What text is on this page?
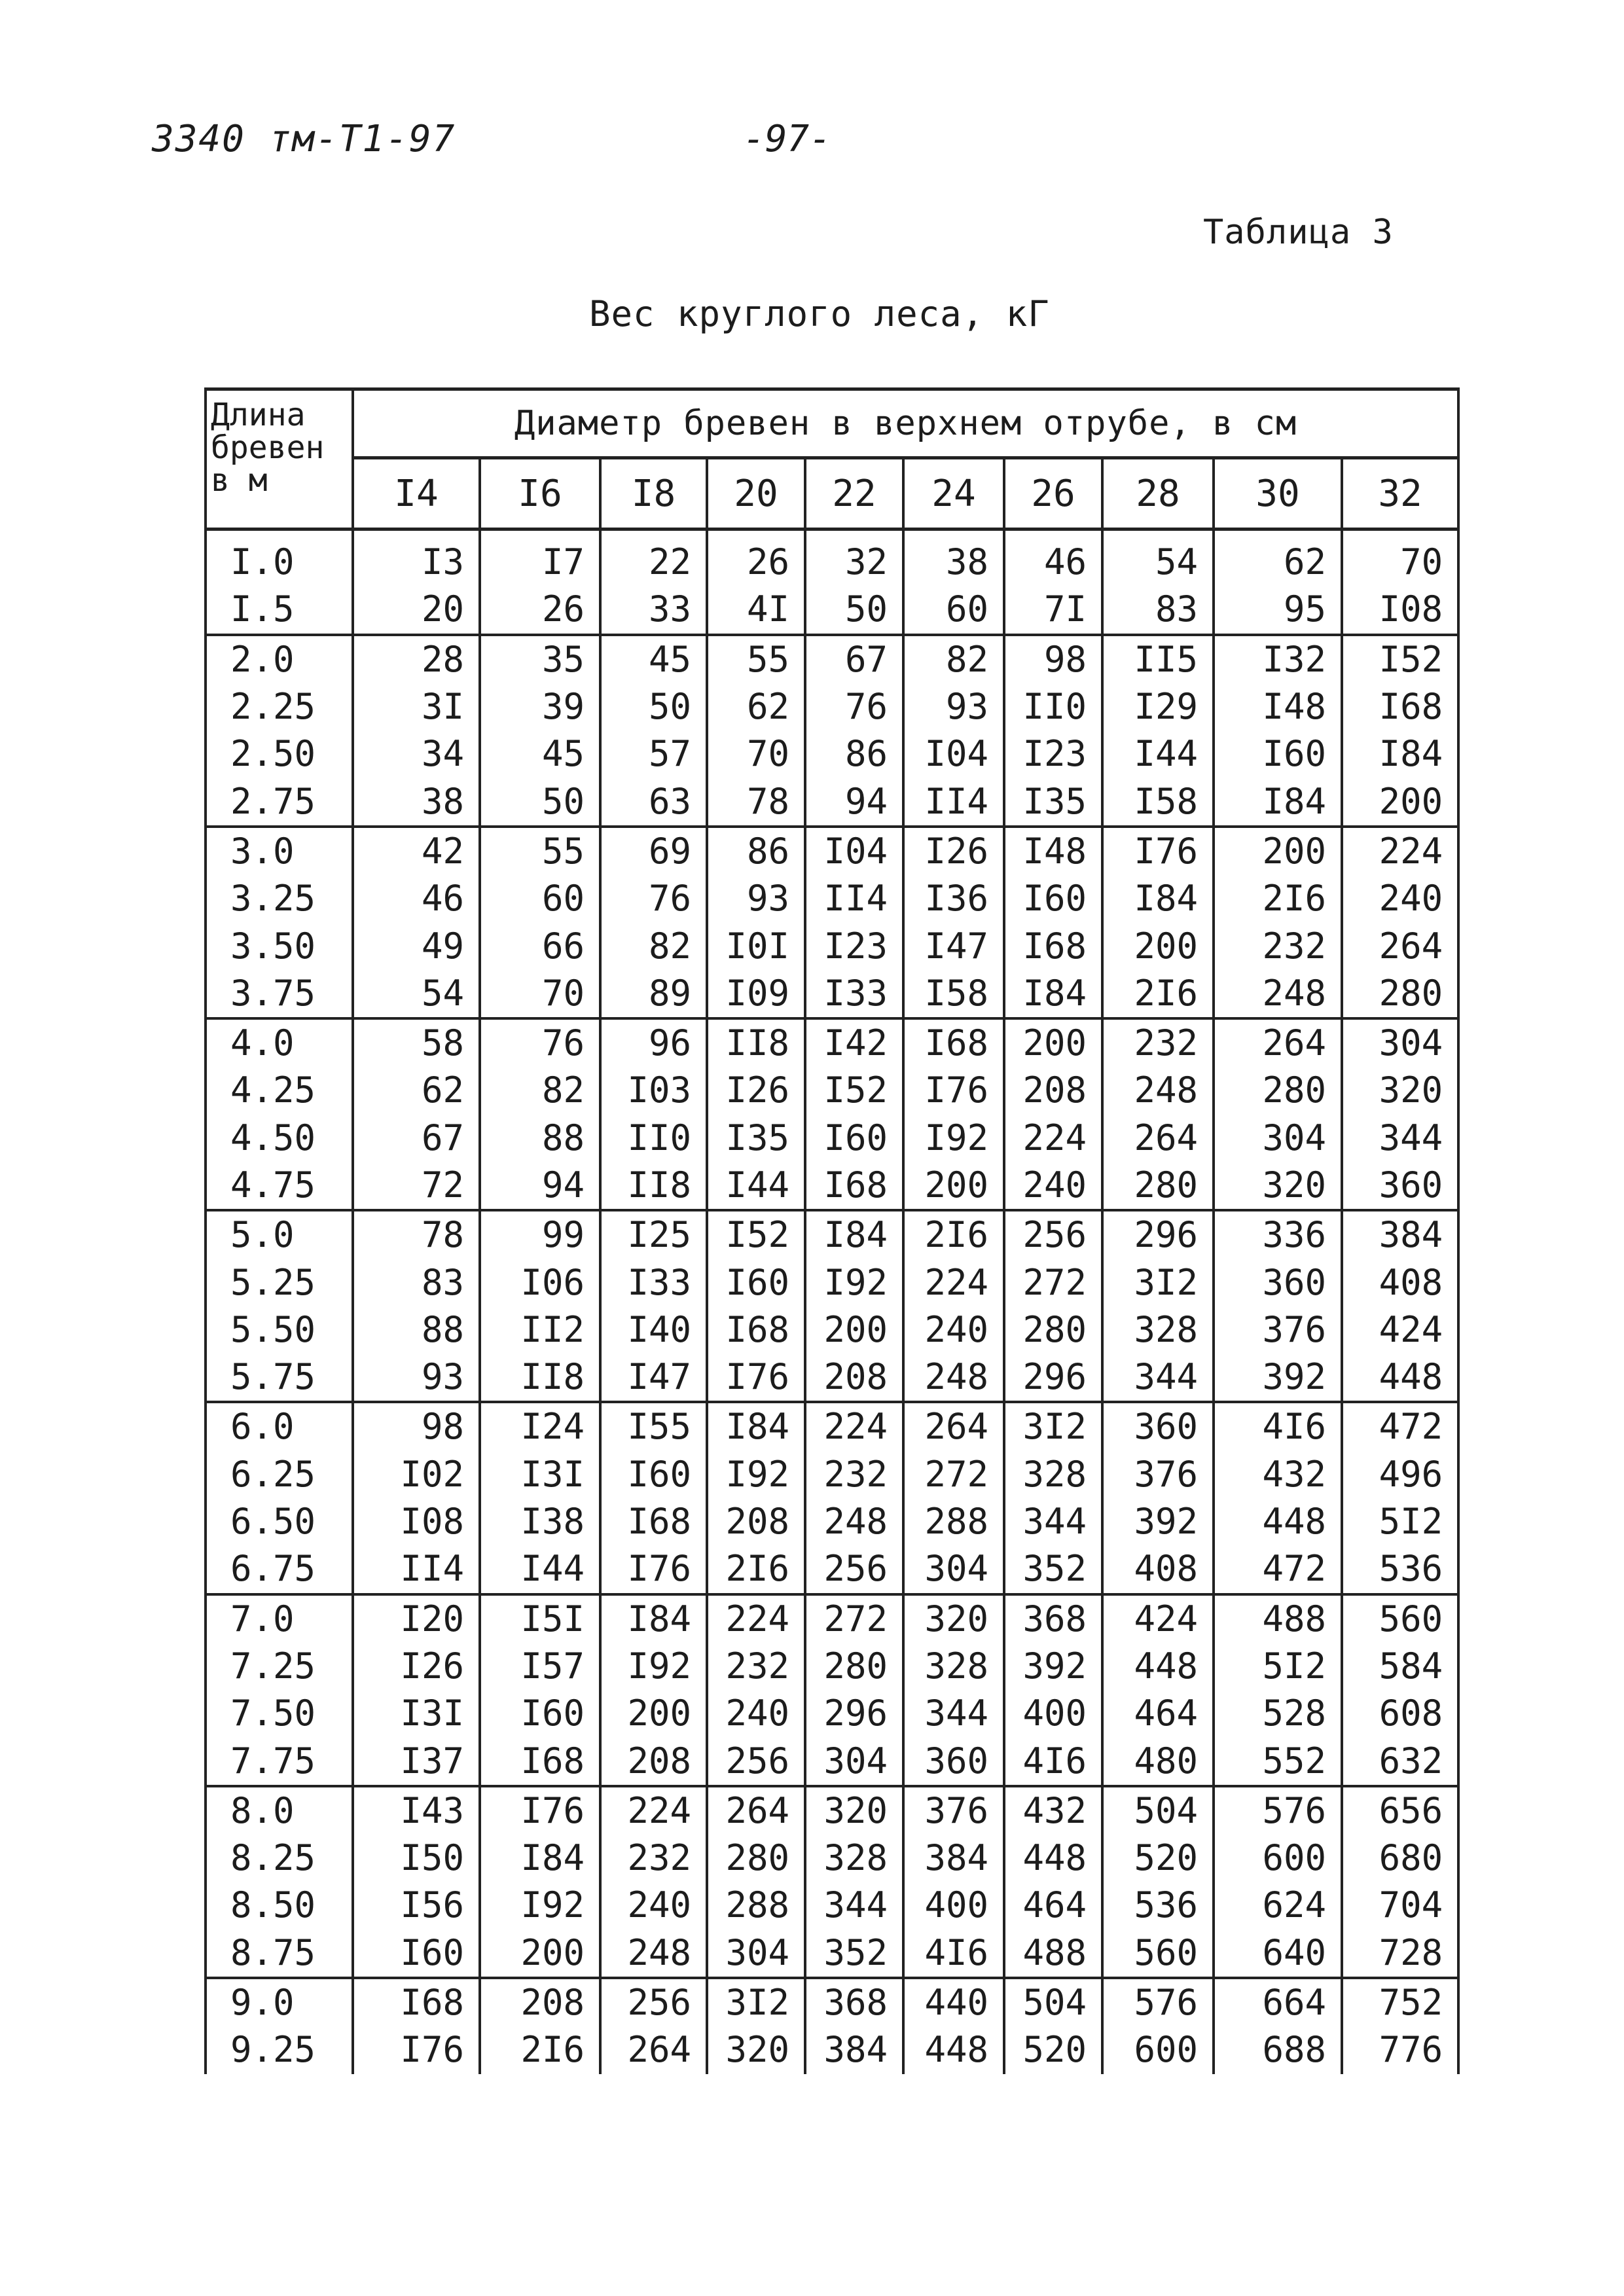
3340 тм-Т1-97	-97-
Таблица 3
Вес круглого леса, кГ
Длина
бревен
в м	Диаметр бревен в верхнем отрубе, в см									
	I4	I6	I8	20	22	24	26	28	30	32
I.0	I3	I7	22	26	32	38	46	54	62	70
I.5	20	26	33	4I	50	60	7I	83	95	I08
2.0	28	35	45	55	67	82	98	II5	I32	I52
2.25	3I	39	50	62	76	93	II0	I29	I48	I68
2.50	34	45	57	70	86	I04	I23	I44	I60	I84
2.75	38	50	63	78	94	II4	I35	I58	I84	200
3.0	42	55	69	86	I04	I26	I48	I76	200	224
3.25	46	60	76	93	II4	I36	I60	I84	2I6	240
3.50	49	66	82	I0I	I23	I47	I68	200	232	264
3.75	54	70	89	I09	I33	I58	I84	2I6	248	280
4.0	58	76	96	II8	I42	I68	200	232	264	304
4.25	62	82	I03	I26	I52	I76	208	248	280	320
4.50	67	88	II0	I35	I60	I92	224	264	304	344
4.75	72	94	II8	I44	I68	200	240	280	320	360
5.0	78	99	I25	I52	I84	2I6	256	296	336	384
5.25	83	I06	I33	I60	I92	224	272	3I2	360	408
5.50	88	II2	I40	I68	200	240	280	328	376	424
5.75	93	II8	I47	I76	208	248	296	344	392	448
6.0	98	I24	I55	I84	224	264	3I2	360	4I6	472
6.25	I02	I3I	I60	I92	232	272	328	376	432	496
6.50	I08	I38	I68	208	248	288	344	392	448	5I2
6.75	II4	I44	I76	2I6	256	304	352	408	472	536
7.0	I20	I5I	I84	224	272	320	368	424	488	560
7.25	I26	I57	I92	232	280	328	392	448	5I2	584
7.50	I3I	I60	200	240	296	344	400	464	528	608
7.75	I37	I68	208	256	304	360	4I6	480	552	632
8.0	I43	I76	224	264	320	376	432	504	576	656
8.25	I50	I84	232	280	328	384	448	520	600	680
8.50	I56	I92	240	288	344	400	464	536	624	704
8.75	I60	200	248	304	352	4I6	488	560	640	728
9.0	I68	208	256	3I2	368	440	504	576	664	752
9.25	I76	2I6	264	320	384	448	520	600	688	776
